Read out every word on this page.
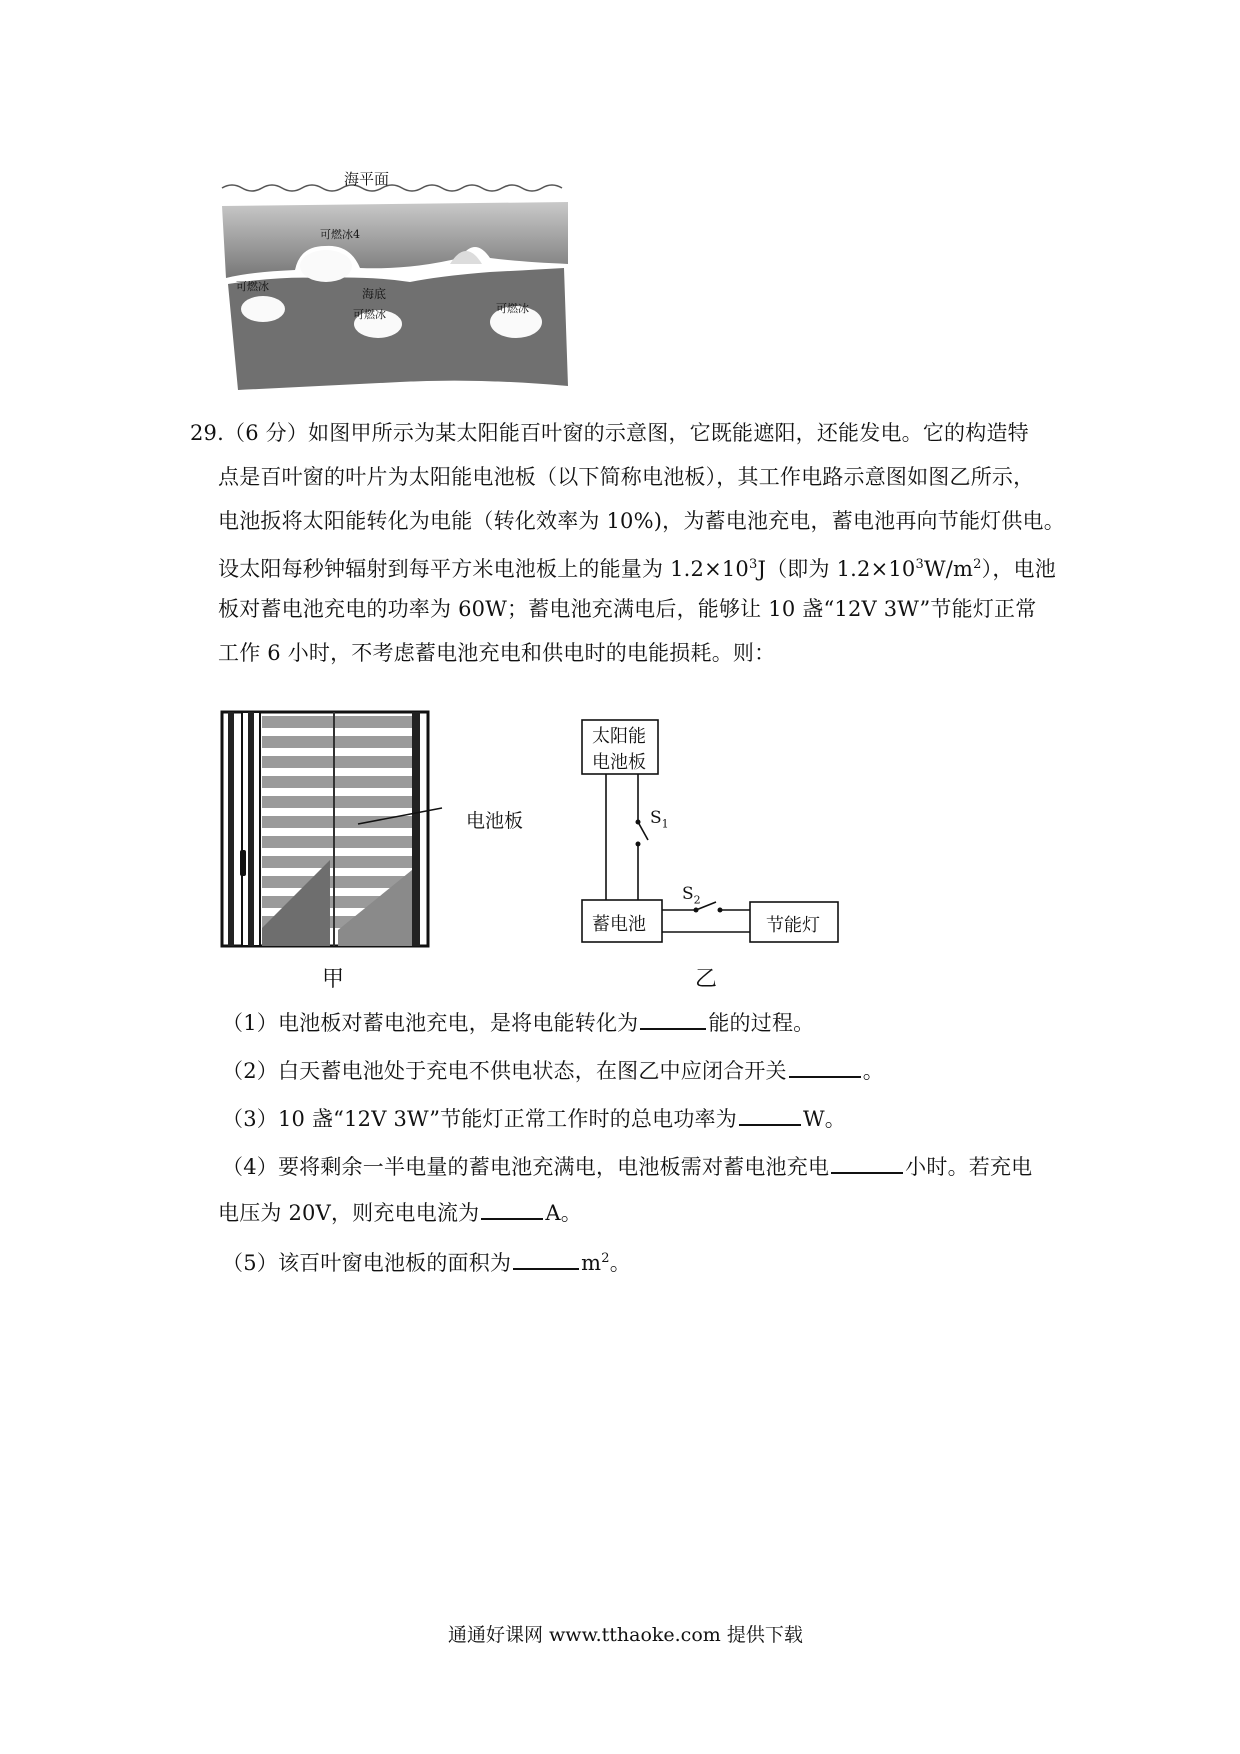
海平面
可燃冰4
可燃冰
海底
可燃冰	可燃冰
29.（6 分）如图甲所示为某太阳能百叶窗的示意图，它既能遮阳，还能发电。它的构造特
点是百叶窗的叶片为太阳能电池板（以下简称电池板），其工作电路示意图如图乙所示，
电池扳将太阳能转化为电能（转化效率为 10%)，为蓄电池充电，蓄电池再向节能灯供电。
设太阳每秒钟辐射到每平方米电池板上的能量为 $1.2\times 10^3J$（即为 $1.2\times 10^3W/m^2$），电池
板对蓄电池充电的功率为 60W；蓄电池充满电后，能够让 10 盏“12V 3W”节能灯正常
工作 6 小时，不考虑蓄电池充电和供电时的电能损耗。则：
电池板
甲
太阳能
电池板
$S_1$
$S_2$
蓄电池	节能灯
乙
（1）电池板对蓄电池充电，是将电能转化为	能的过程。
（2）白天蓄电池处于充电不供电状态，在图乙中应闭合开关	。
（3）10 盏“12V 3W”节能灯正常工作时的总电功率为	W。
（4）要将剩余一半电量的蓄电池充满电，电池板需对蓄电池充电	小时。若充电
电压为 20V，则充电电流为	A。
（5）该百叶窗电池板的面积为	$m^2$。
通通好课网 www.tthaoke.com 提供下载
